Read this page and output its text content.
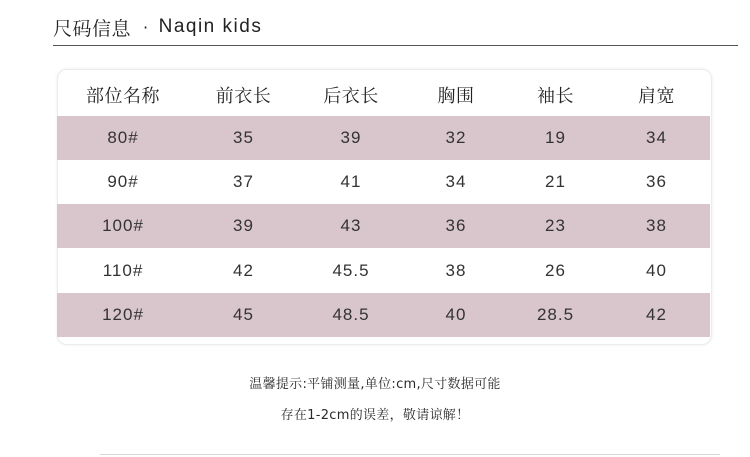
尺码信息 · Naqin kids
部位名称	前衣长	后衣长	胸围	袖长	肩宽
80#	35	39	32	19	34
90#	37	41	34	21	36
100#	39	43	36	23	38
110#	42	45.5	38	26	40
120#	45	48.5	40	28.5	42
温馨提示:平铺测量,单位:cm,尺寸数据可能
存在1-2cm的误差，敬请谅解！
